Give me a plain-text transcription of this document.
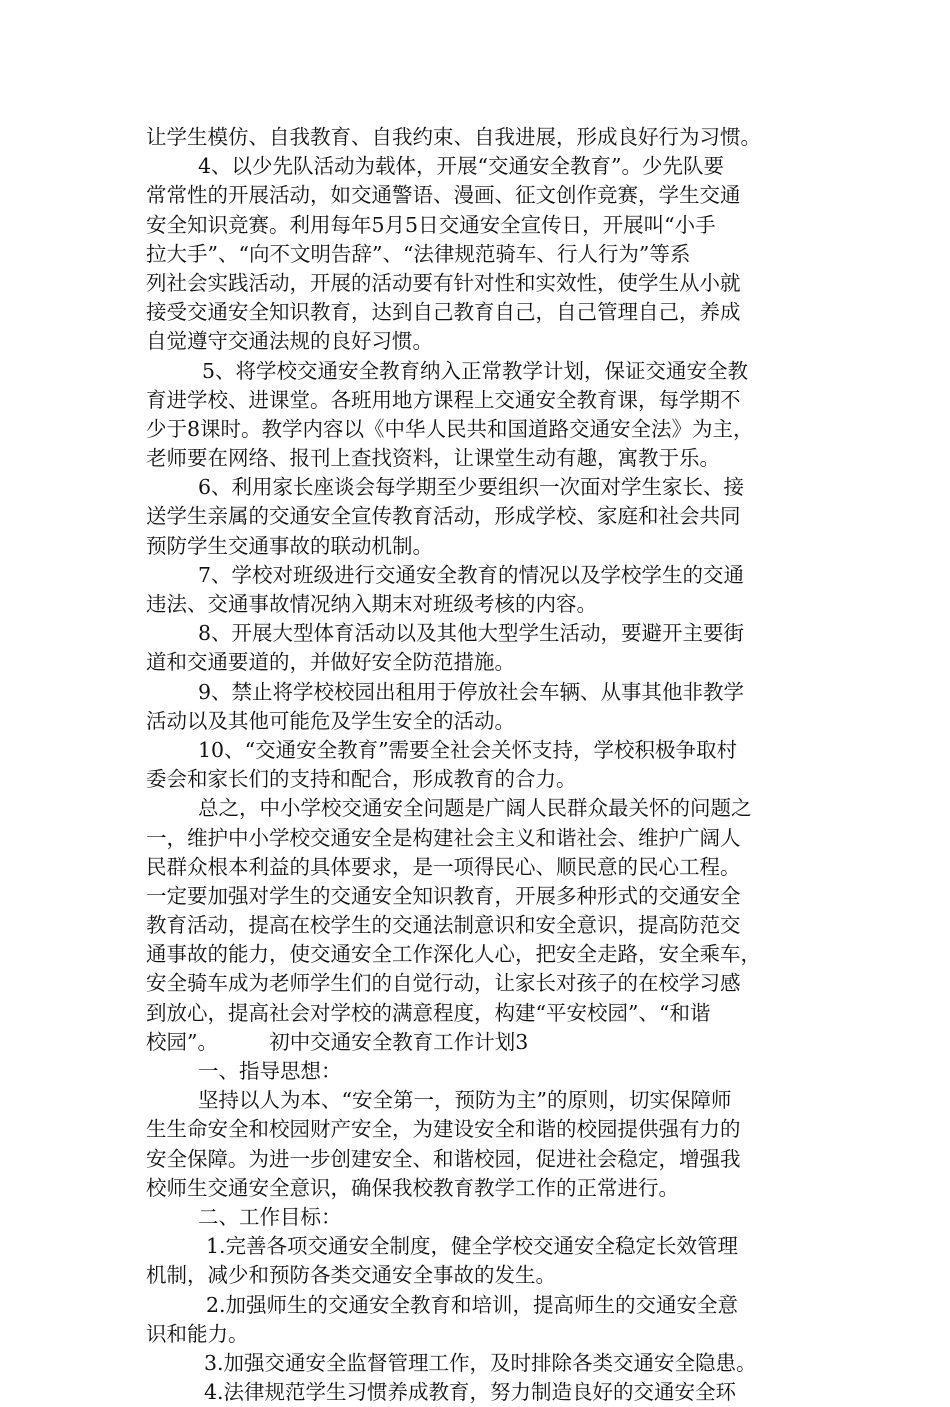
让学生模仿、自我教育、自我约束、自我进展，形成良好行为习惯。
4、以少先队活动为载体，开展“交通安全教育”。少先队要
常常性的开展活动，如交通警语、漫画、征文创作竞赛，学生交通
安全知识竞赛。利用每年5月5日交通安全宣传日，开展叫“小手
拉大手”、“向不文明告辞”、“法律规范骑车、行人行为”等系
列社会实践活动，开展的活动要有针对性和实效性，使学生从小就
接受交通安全知识教育，达到自己教育自己，自己管理自己，养成
自觉遵守交通法规的良好习惯。
5、将学校交通安全教育纳入正常教学计划，保证交通安全教
育进学校、进课堂。各班用地方课程上交通安全教育课，每学期不
少于8课时。教学内容以《中华人民共和国道路交通安全法》为主，
老师要在网络、报刊上查找资料，让课堂生动有趣，寓教于乐。
6、利用家长座谈会每学期至少要组织一次面对学生家长、接
送学生亲属的交通安全宣传教育活动，形成学校、家庭和社会共同
预防学生交通事故的联动机制。
7、学校对班级进行交通安全教育的情况以及学校学生的交通
违法、交通事故情况纳入期末对班级考核的内容。
8、开展大型体育活动以及其他大型学生活动，要避开主要街
道和交通要道的，并做好安全防范措施。
9、禁止将学校校园出租用于停放社会车辆、从事其他非教学
活动以及其他可能危及学生安全的活动。
10、“交通安全教育”需要全社会关怀支持，学校积极争取村
委会和家长们的支持和配合，形成教育的合力。
总之，中小学校交通安全问题是广阔人民群众最关怀的问题之
一，维护中小学校交通安全是构建社会主义和谐社会、维护广阔人
民群众根本利益的具体要求，是一项得民心、顺民意的民心工程。
一定要加强对学生的交通安全知识教育，开展多种形式的交通安全
教育活动，提高在校学生的交通法制意识和安全意识，提高防范交
通事故的能力，使交通安全工作深化人心，把安全走路，安全乘车，
安全骑车成为老师学生们的自觉行动，让家长对孩子的在校学习感
到放心，提高社会对学校的满意程度，构建“平安校园”、“和谐
校园”。　　　初中交通安全教育工作计划3
一、指导思想：
坚持以人为本、“安全第一，预防为主”的原则，切实保障师
生生命安全和校园财产安全，为建设安全和谐的校园提供强有力的
安全保障。为进一步创建安全、和谐校园，促进社会稳定，增强我
校师生交通安全意识，确保我校教育教学工作的正常进行。
二、工作目标：
1.完善各项交通安全制度，健全学校交通安全稳定长效管理
机制，减少和预防各类交通安全事故的发生。
2.加强师生的交通安全教育和培训，提高师生的交通安全意
识和能力。
3.加强交通安全监督管理工作，及时排除各类交通安全隐患。
4.法律规范学生习惯养成教育，努力制造良好的交通安全环
